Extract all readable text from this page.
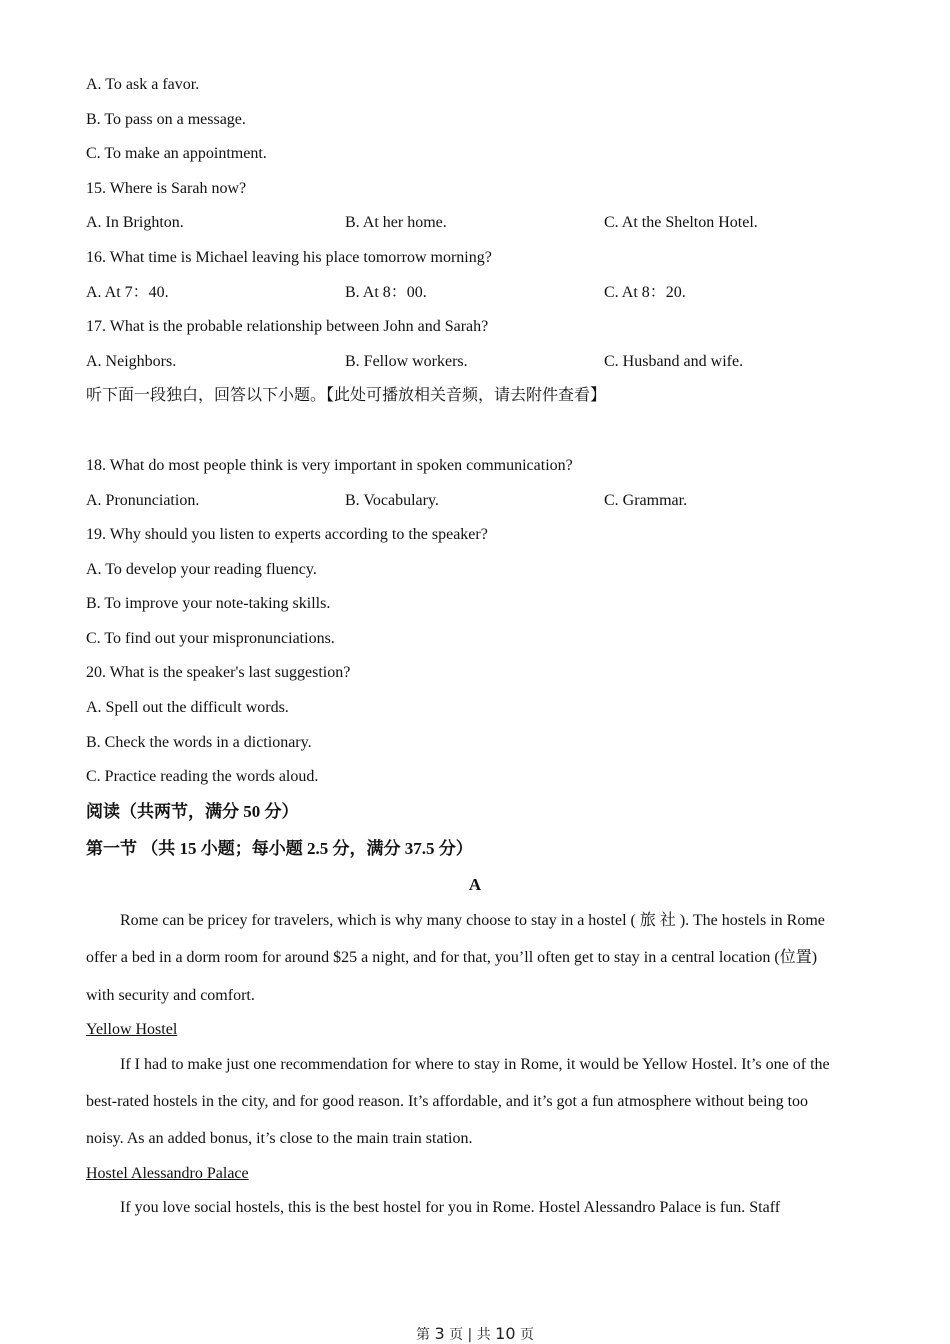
A. To ask a favor.
B. To pass on a message.
C. To make an appointment.
15. Where is Sarah now?
A. In Brighton.	B. At her home.	C. At the Shelton Hotel.
16. What time is Michael leaving his place tomorrow morning?
A. At 7：40.	B. At 8：00.	C. At 8：20.
17. What is the probable relationship between John and Sarah?
A. Neighbors.	B. Fellow workers.	C. Husband and wife.
听下面一段独白，回答以下小题。【此处可播放相关音频，请去附件查看】
18. What do most people think is very important in spoken communication?
A. Pronunciation.	B. Vocabulary.	C. Grammar.
19. Why should you listen to experts according to the speaker?
A. To develop your reading fluency.
B. To improve your note-taking skills.
C. To find out your mispronunciations.
20. What is the speaker's last suggestion?
A. Spell out the difficult words.
B. Check the words in a dictionary.
C. Practice reading the words aloud.
阅读（共两节，满分 50 分）
第一节 （共 15 小题；每小题 2.5 分，满分 37.5 分）
A
Rome can be pricey for travelers, which is why many choose to stay in a hostel ( 旅 社 ). The hostels in Rome
offer a bed in a dorm room for around $25 a night, and for that, you’ll often get to stay in a central location (位置)
with security and comfort.
Yellow Hostel
If I had to make just one recommendation for where to stay in Rome, it would be Yellow Hostel. It’s one of the
best-rated hostels in the city, and for good reason. It’s affordable, and it’s got a fun atmosphere without being too
noisy. As an added bonus, it’s close to the main train station.
Hostel Alessandro Palace
If you love social hostels, this is the best hostel for you in Rome. Hostel Alessandro Palace is fun. Staff
第 3 页 | 共 10 页
